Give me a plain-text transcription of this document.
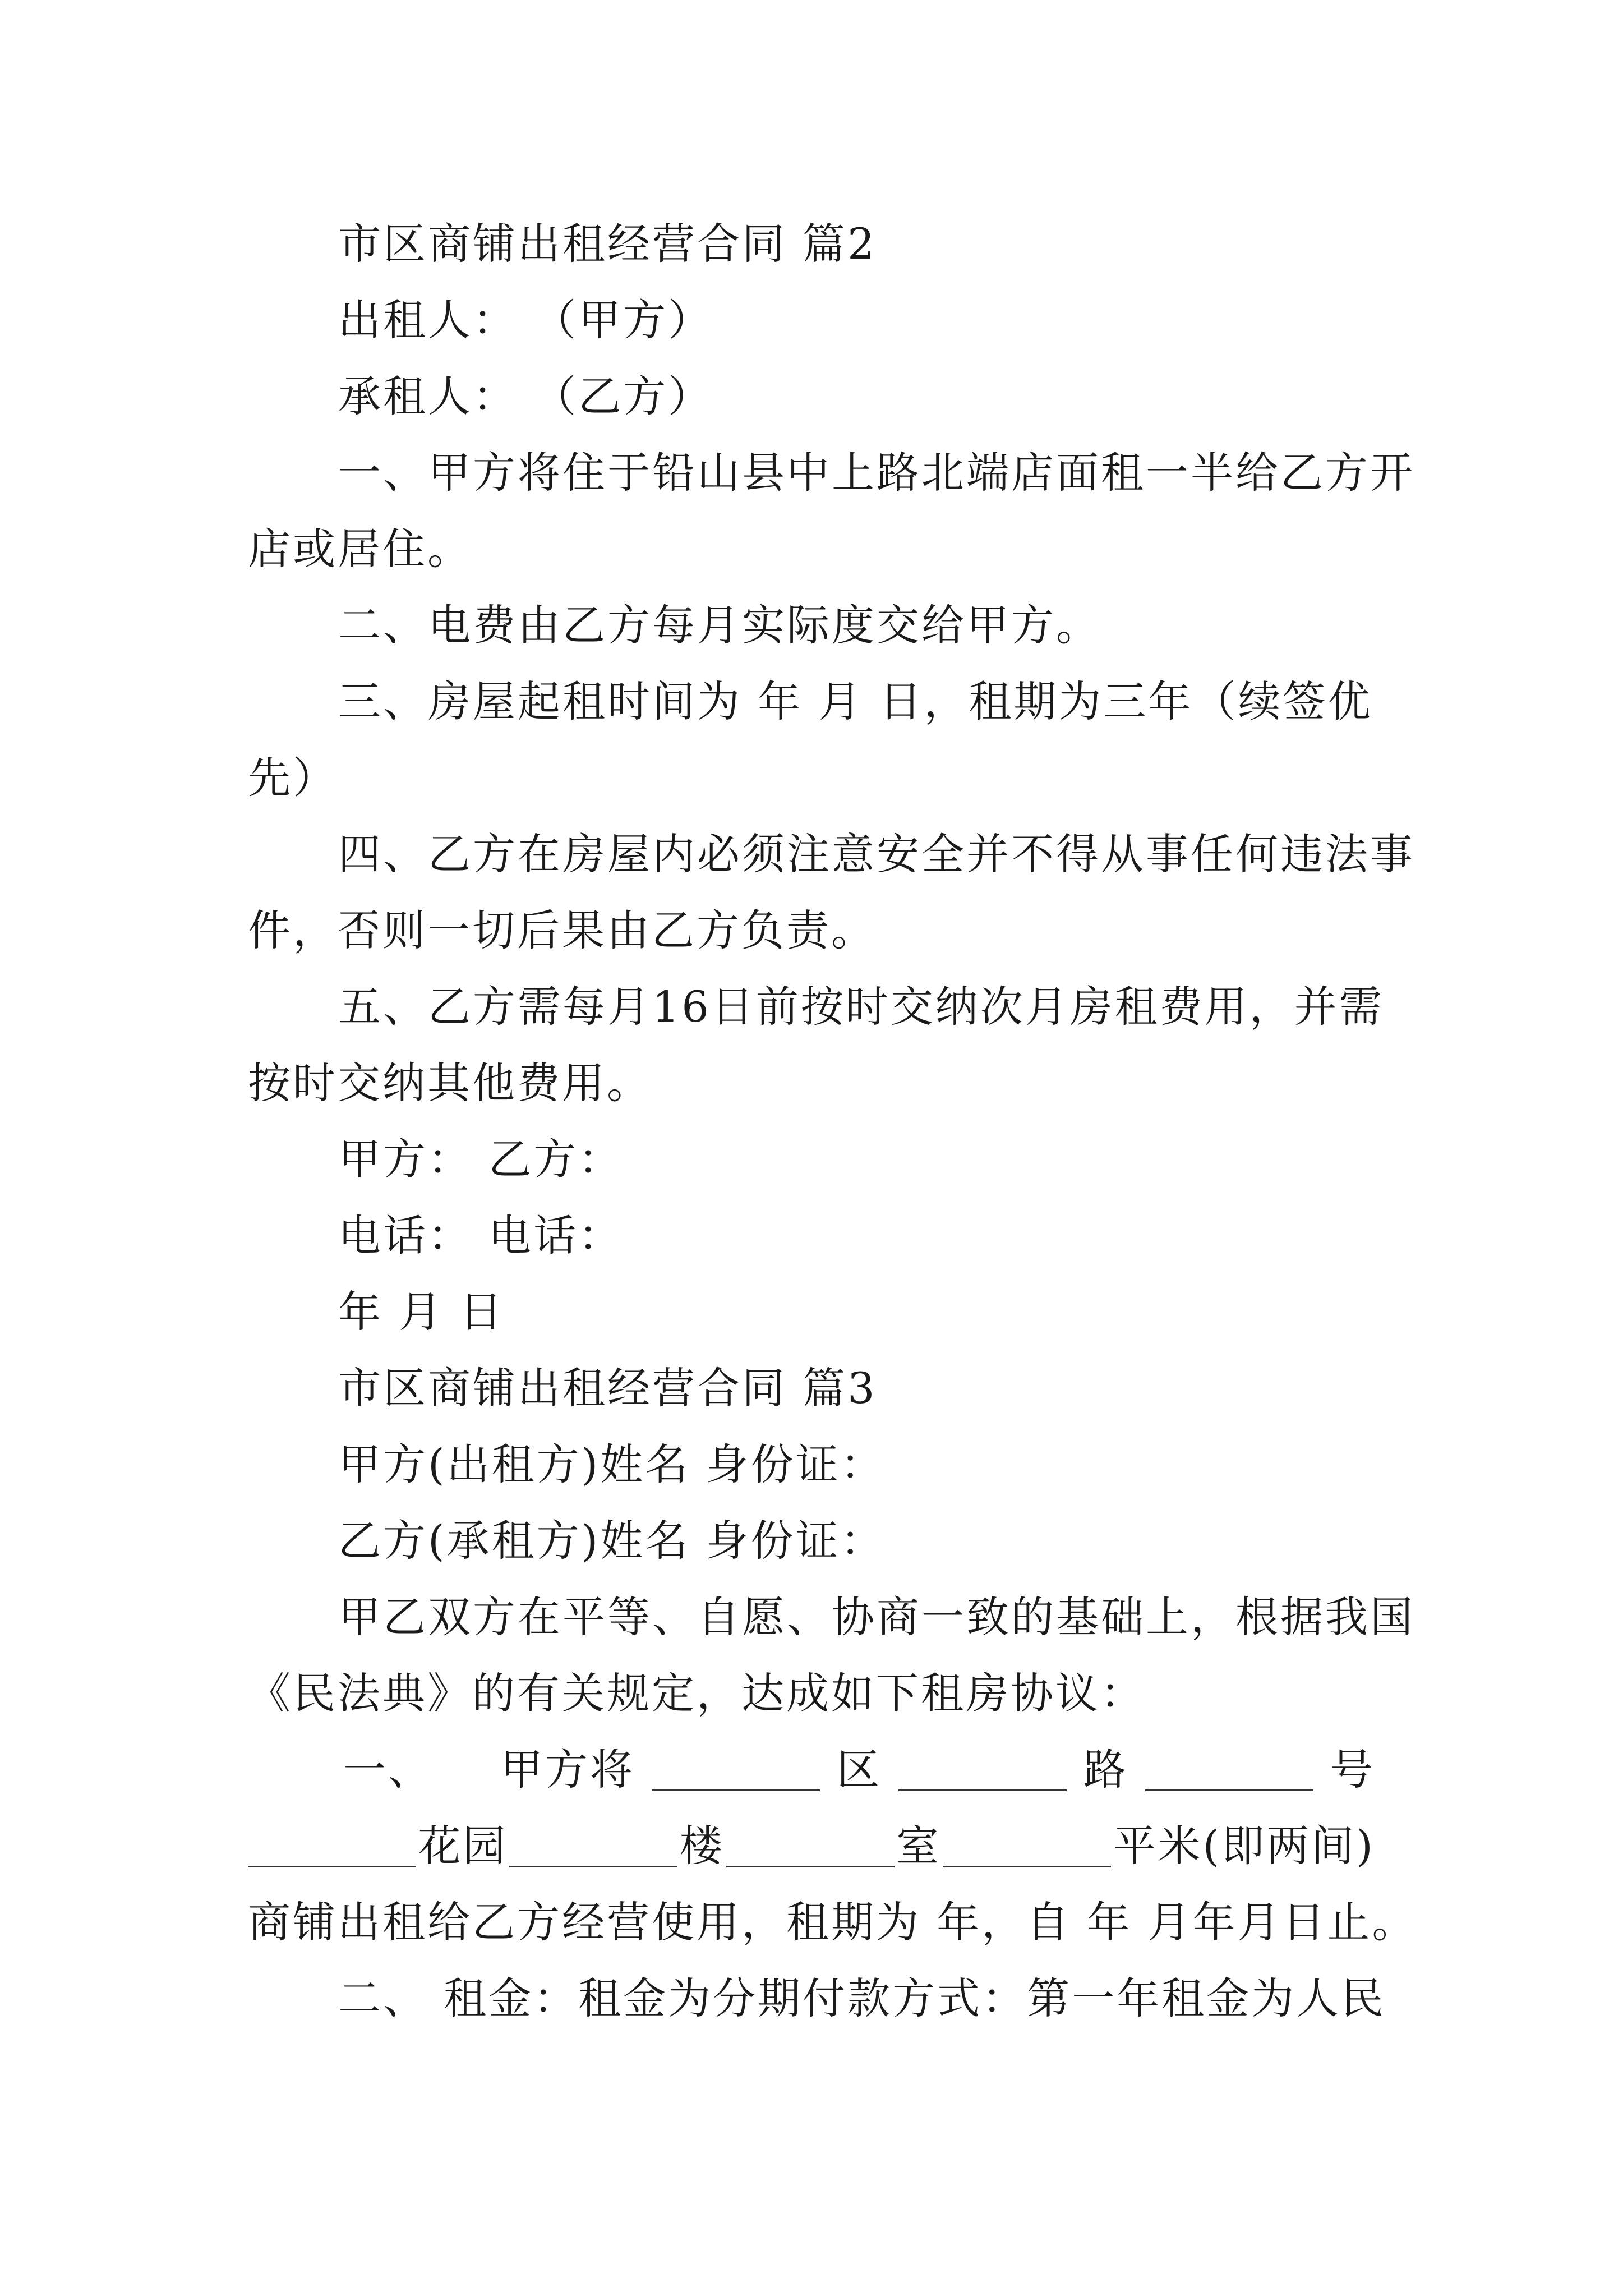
市区商铺出租经营合同 篇2
出租人： （甲方）
承租人： （乙方）
一、甲方将住于铅山县中上路北端店面租一半给乙方开
店或居住。
二、电费由乙方每月实际度交给甲方。
三、房屋起租时间为 年 月 日，租期为三年（续签优
先）
四、乙方在房屋内必须注意安全并不得从事任何违法事
件，否则一切后果由乙方负责。
五、乙方需每月16日前按时交纳次月房租费用，并需
按时交纳其他费用。
甲方： 乙方：
电话： 电话：
年 月 日
市区商铺出租经营合同 篇3
甲方(出租方)姓名 身份证：
乙方(承租方)姓名 身份证：
甲乙双方在平等、自愿、协商一致的基础上，根据我国
《民法典》的有关规定，达成如下租房协议：
一、 甲方将	区	路	号
花园	楼	室	平米(即两间)
商铺出租给乙方经营使用，租期为 年，自 年 月年月日止。
二、 租金：租金为分期付款方式：第一年租金为人民
